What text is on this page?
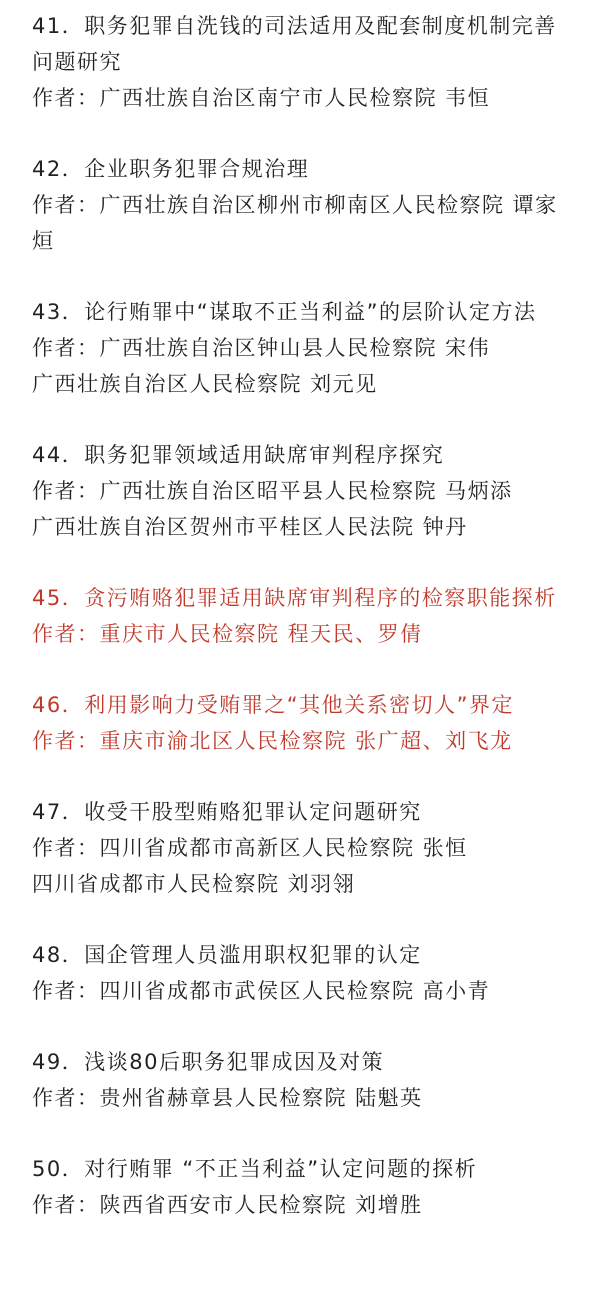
41．职务犯罪自洗钱的司法适用及配套制度机制完善问题研究
作者：广西壮族自治区南宁市人民检察院 韦恒
42．企业职务犯罪合规治理
作者：广西壮族自治区柳州市柳南区人民检察院 谭家烜
43．论行贿罪中“谋取不正当利益”的层阶认定方法
作者：广西壮族自治区钟山县人民检察院 宋伟
广西壮族自治区人民检察院 刘元见
44．职务犯罪领域适用缺席审判程序探究
作者：广西壮族自治区昭平县人民检察院 马炳添
广西壮族自治区贺州市平桂区人民法院 钟丹
45．贪污贿赂犯罪适用缺席审判程序的检察职能探析
作者：重庆市人民检察院 程天民、罗倩
46．利用影响力受贿罪之“其他关系密切人”界定
作者：重庆市渝北区人民检察院 张广超、刘飞龙
47．收受干股型贿赂犯罪认定问题研究
作者：四川省成都市高新区人民检察院 张恒
四川省成都市人民检察院 刘羽翎
48．国企管理人员滥用职权犯罪的认定
作者：四川省成都市武侯区人民检察院 高小青
49．浅谈80后职务犯罪成因及对策
作者：贵州省赫章县人民检察院 陆魁英
50．对行贿罪 “不正当利益”认定问题的探析
作者：陕西省西安市人民检察院 刘增胜
